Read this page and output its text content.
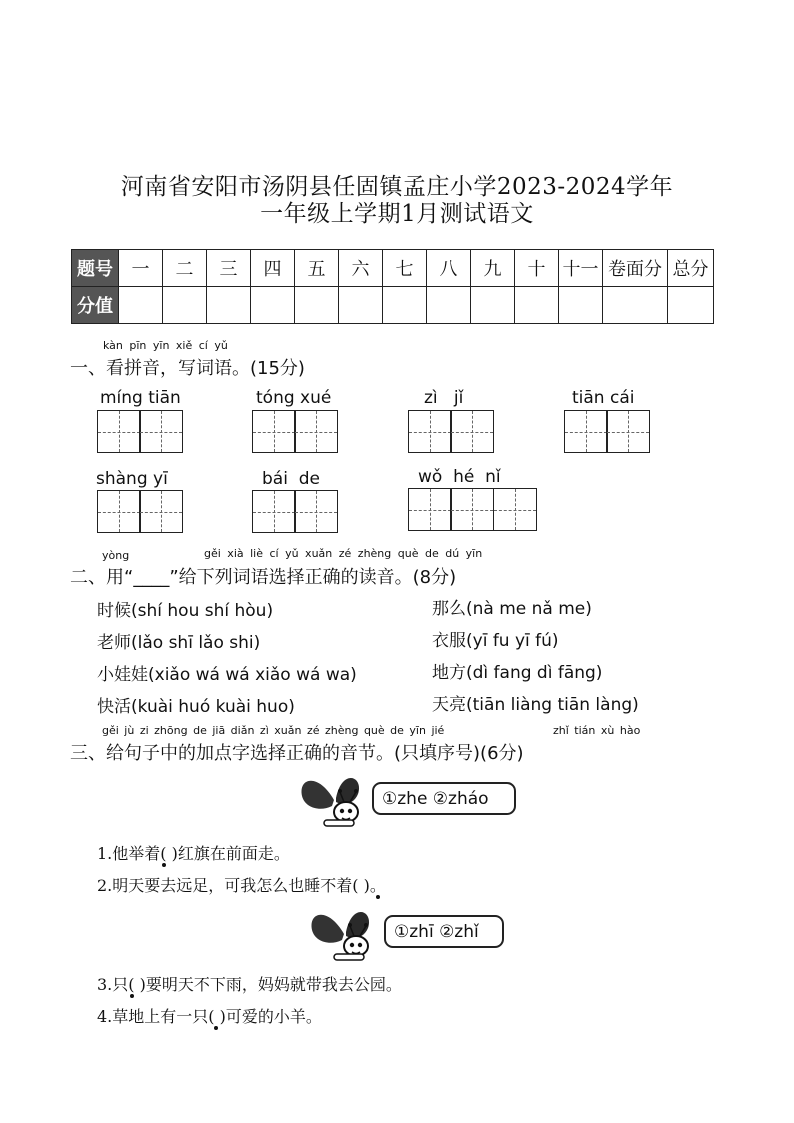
河南省安阳市汤阴县任固镇孟庄小学2023-2024学年
一年级上学期1月测试语文
题号	一	二	三	四	五	六	七	八	九	十	十一	卷面分	总分
分值													
kàn pīn yīn xiě cí yǔ
一、看拼音，写词语。(15分)
míng tiān	tóng xué	zì   jǐ	tiān cái
shàng yī	bái  de	wǒ  hé  nǐ
yòng	gěi xià liè cí yǔ xuǎn zé zhèng què de dú yīn
二、用“____”给下列词语选择正确的读音。(8分)
时候(shí hou shí hòu)	那么(nà me nǎ me)
老师(lǎo shī lǎo shi)	衣服(yī fu yī fú)
小娃娃(xiǎo wá wá xiǎo wá wa)	地方(dì fang dì fāng)
快活(kuài huó kuài huo)	天亮(tiān liàng tiān làng)
gěi jù zi zhōng de jiā diǎn zì xuǎn zé zhèng què de yīn jié	zhǐ tián xù hào
三、给句子中的加点字选择正确的音节。(只填序号)(6分)
①zhe ②zháo
1.他举着( )红旗在前面走。
2.明天要去远足，可我怎么也睡不着( )。
①zhī ②zhǐ
3.只( )要明天不下雨，妈妈就带我去公园。
4.草地上有一只( )可爱的小羊。
